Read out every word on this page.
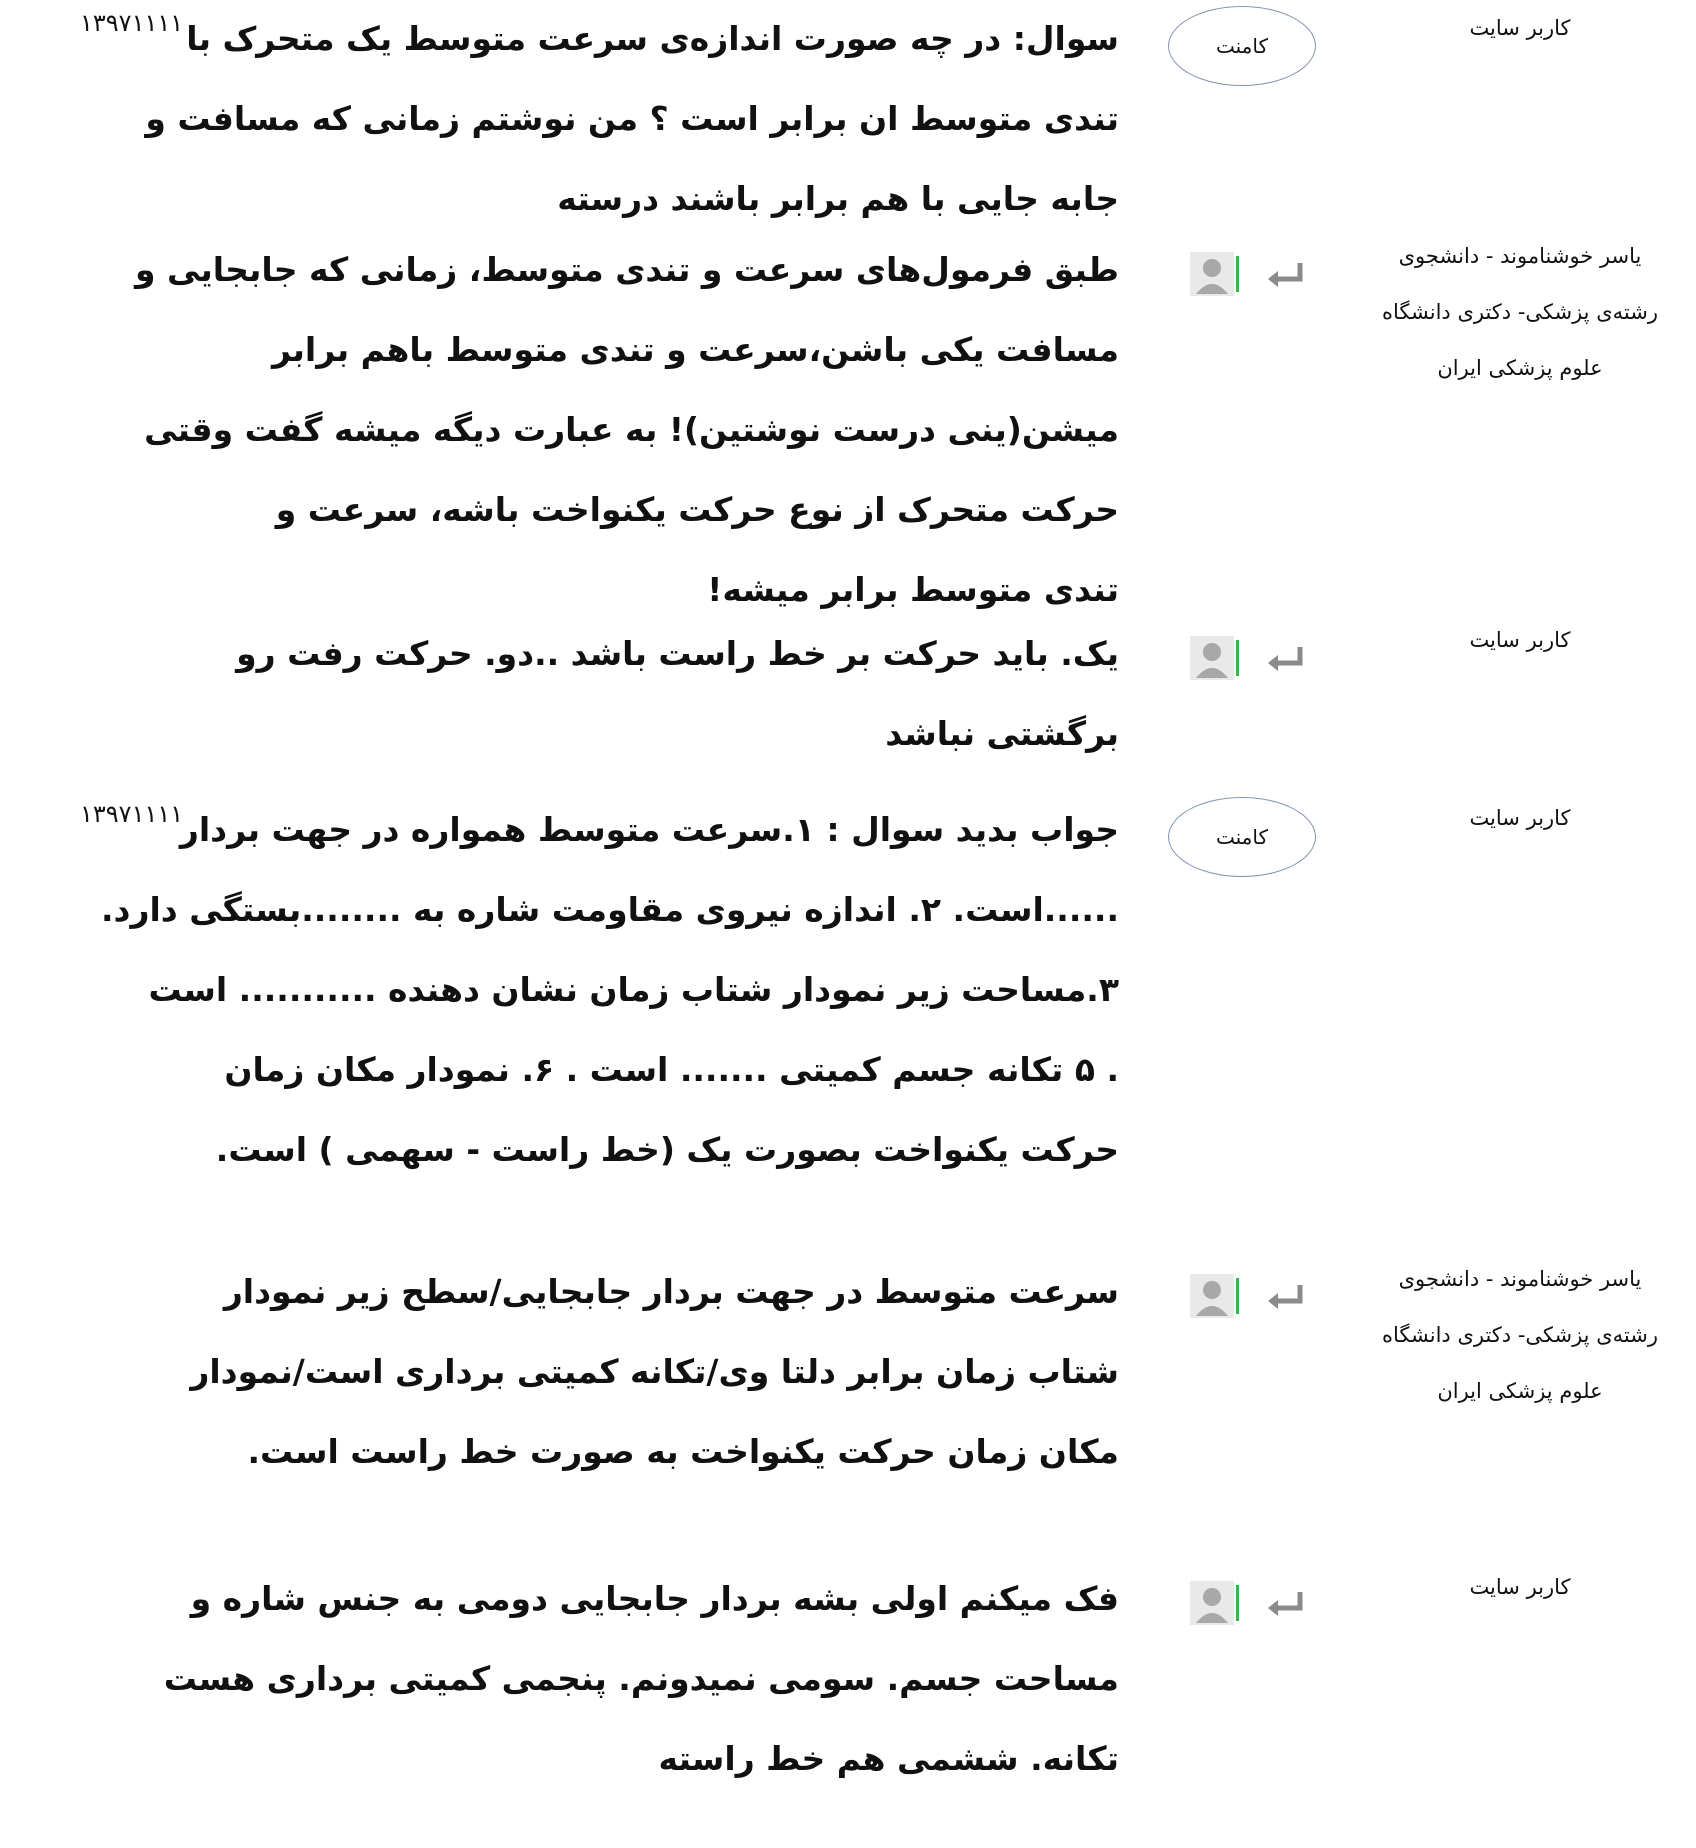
۱۳۹۷۱۱۱۱
کامنت
کاربر سایت
سوال: در چه صورت اندازه‌ی سرعت متوسط یک متحرک با
تندی متوسط ان برابر است ؟ من نوشتم زمانی که مسافت و
جابه جایی با هم برابر باشند درسته
یاسر خوشناموند - دانشجوی
رشته‌ی پزشکی- دکتری دانشگاه
علوم پزشکی ایران
طبق فرمول‌های سرعت و تندی متوسط، زمانی که جابجایی و
مسافت یکی باشن،سرعت و تندی متوسط باهم برابر
میشن(ینی درست نوشتین)! به عبارت دیگه میشه گفت وقتی
حرکت متحرک از نوع حرکت یکنواخت باشه، سرعت و
تندی متوسط برابر میشه!
کاربر سایت
یک. باید حرکت بر خط راست باشد ..دو. حرکت رفت رو
برگشتی نباشد
۱۳۹۷۱۱۱۱
کامنت
کاربر سایت
جواب بدید سوال : ۱.سرعت متوسط همواره در جهت بردار
......است. ۲. اندازه نیروی مقاومت شاره به ........بستگی دارد.
۳.مساحت زیر نمودار شتاب زمان نشان دهنده ........... است
. ۵ تکانه جسم کمیتی ....... است . ۶. نمودار مکان زمان
حرکت یکنواخت بصورت یک (خط راست - سهمی ) است.
یاسر خوشناموند - دانشجوی
رشته‌ی پزشکی- دکتری دانشگاه
علوم پزشکی ایران
سرعت متوسط در جهت بردار جابجایی/سطح زیر نمودار
شتاب زمان برابر دلتا وی/تکانه کمیتی برداری است/نمودار
مکان زمان حرکت یکنواخت به صورت خط راست است.
کاربر سایت
فک میکنم اولی بشه بردار جابجایی دومی به جنس شاره و
مساحت جسم. سومی نمیدونم. پنجمی کمیتی برداری هست
تکانه. ششمی هم خط راسته
